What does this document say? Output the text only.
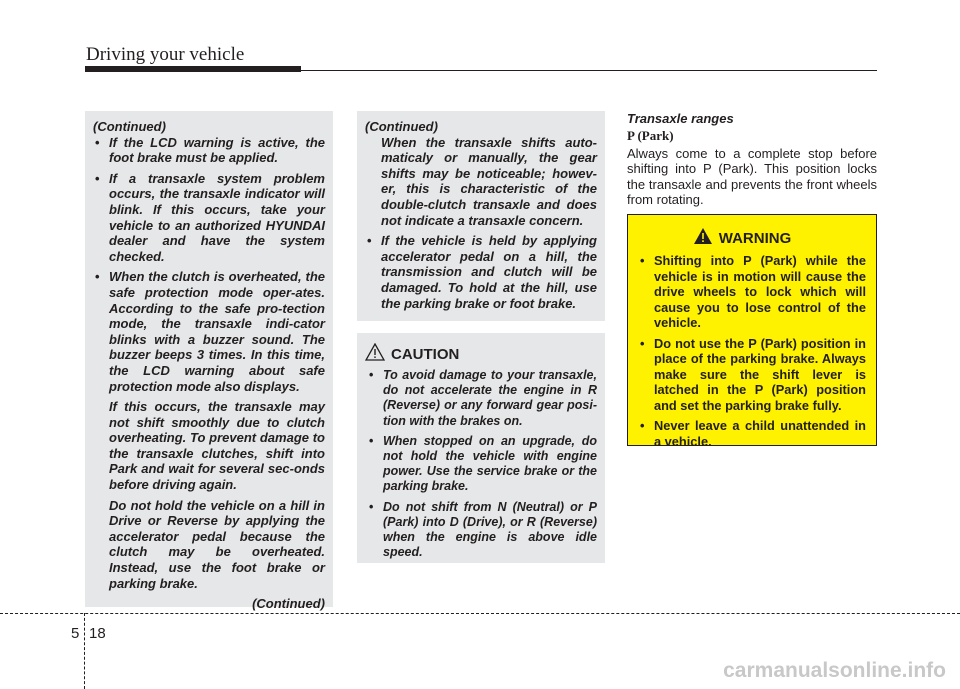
Driving your vehicle
(Continued)
• If the LCD warning is active, the foot brake must be applied.
• If a transaxle system problem occurs, the transaxle indicator will blink. If this occurs, take your vehicle to an authorized HYUNDAI dealer and have the system checked.
• When the clutch is overheated, the safe protection mode oper-ates. According to the safe pro-tection mode, the transaxle indi-cator blinks with a buzzer sound. The buzzer beeps 3 times. In this time, the LCD warning about safe protection mode also displays.

If this occurs, the transaxle may not shift smoothly due to clutch overheating. To prevent damage to the transaxle clutches, shift into Park and wait for several sec-onds before driving again.

Do not hold the vehicle on a hill in Drive or Reverse by applying the accelerator pedal because the clutch may be overheated. Instead, use the foot brake or parking brake.

(Continued)
(Continued)

When the transaxle shifts auto-maticaly or manually, the gear shifts may be noticeable; howev-er, this is characteristic of the double-clutch transaxle and does not indicate a transaxle concern.

• If the vehicle is held by applying accelerator pedal on a hill, the transmission and clutch will be damaged. To hold at the hill, use the parking brake or foot brake.
CAUTION
• To avoid damage to your transaxle, do not accelerate the engine in R (Reverse) or any forward gear posi-tion with the brakes on.
• When stopped on an upgrade, do not hold the vehicle with engine power. Use the service brake or the parking brake.
• Do not shift from N (Neutral) or P (Park) into D (Drive), or R (Reverse) when the engine is above idle speed.
Transaxle ranges
P (Park)
Always come to a complete stop before shifting into P (Park). This position locks the transaxle and prevents the front wheels from rotating.
WARNING
• Shifting into P (Park) while the vehicle is in motion will cause the drive wheels to lock which will cause you to lose control of the vehicle.
• Do not use the P (Park) position in place of the parking brake. Always make sure the shift lever is latched in the P (Park) position and set the parking brake fully.
• Never leave a child unattended in a vehicle.
5 18
carmanualsonline.info
